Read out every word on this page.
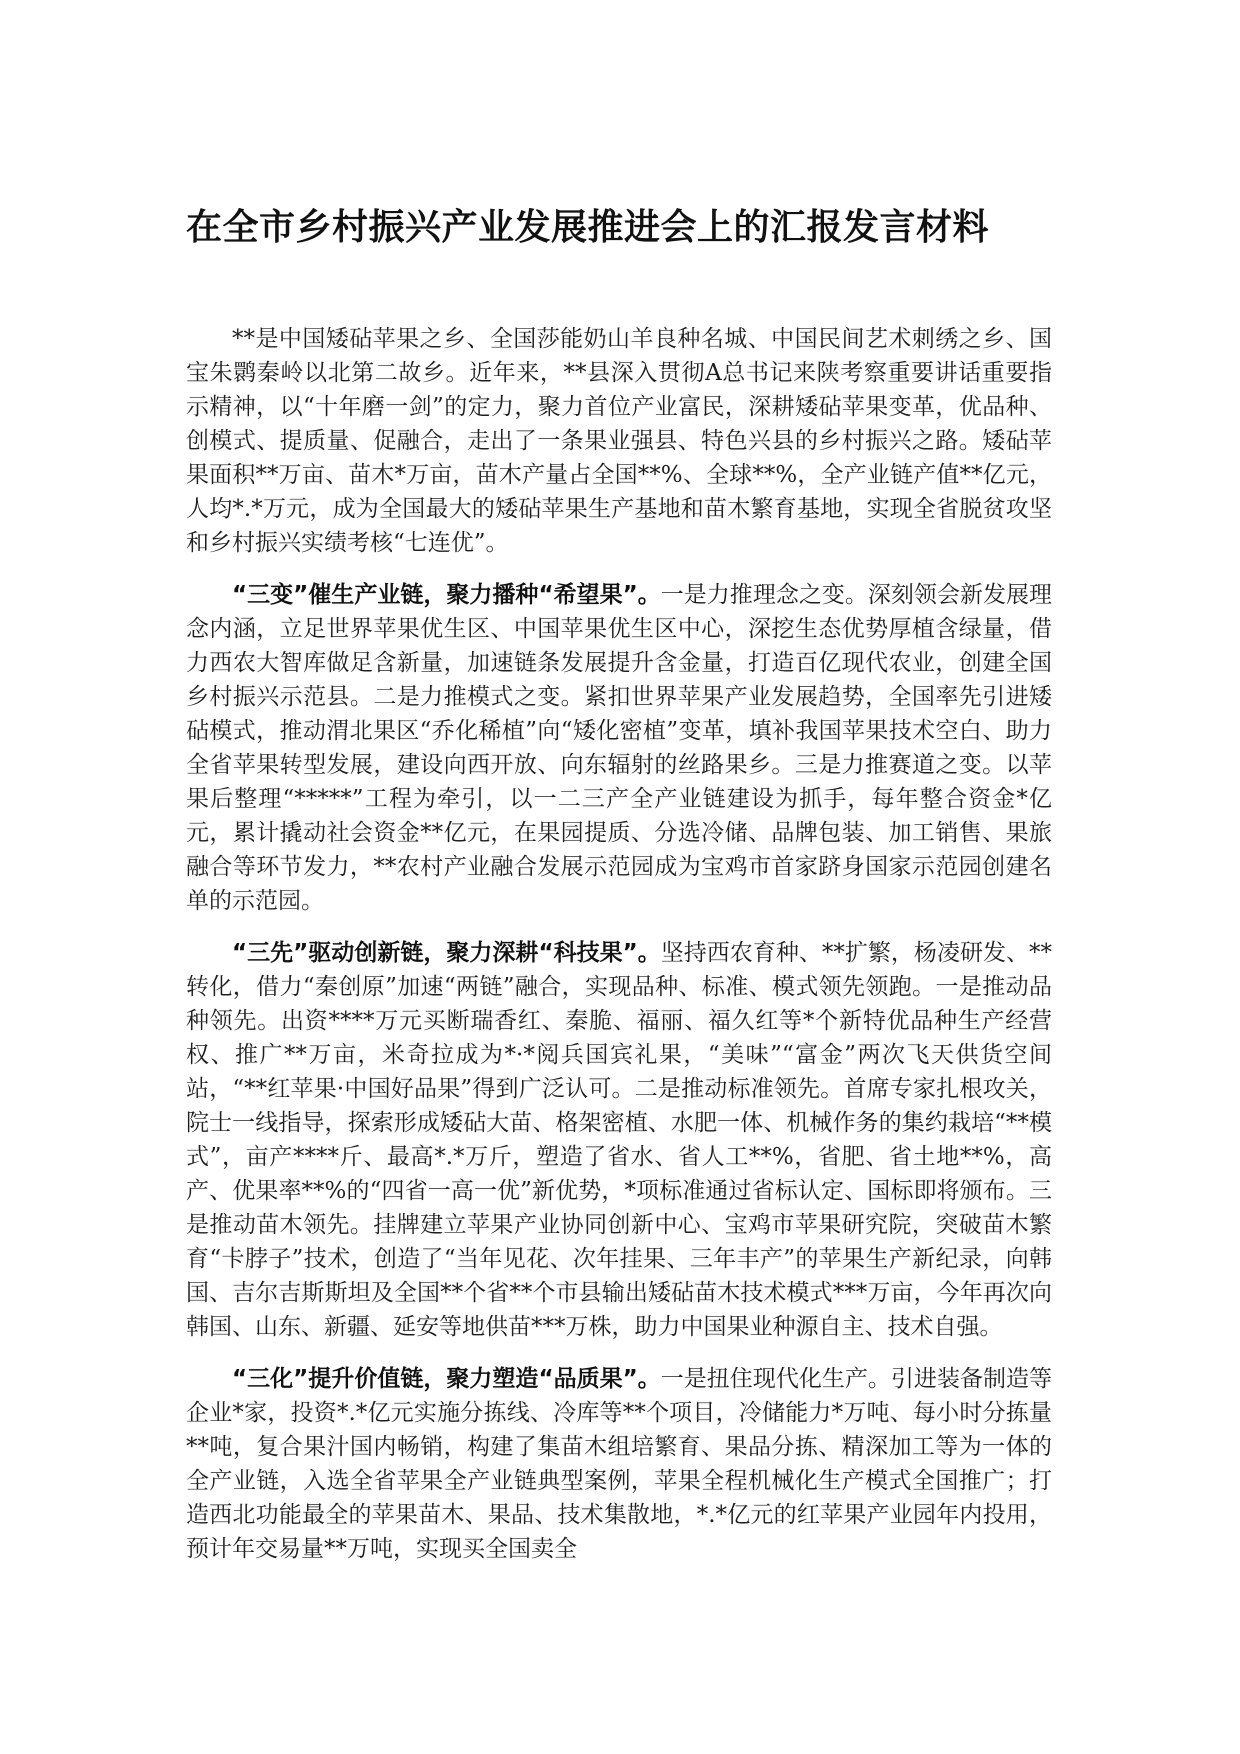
在全市乡村振兴产业发展推进会上的汇报发言材料

**是中国矮砧苹果之乡、全国莎能奶山羊良种名城、中国民间艺术刺绣之乡、国宝朱鹮秦岭以北第二故乡。近年来，**县深入贯彻A总书记来陕考察重要讲话重要指示精神，以“十年磨一剑”的定力，聚力首位产业富民，深耕矮砧苹果变革，优品种、创模式、提质量、促融合，走出了一条果业强县、特色兴县的乡村振兴之路。矮砧苹果面积**万亩、苗木*万亩，苗木产量占全国**%、全球**%，全产业链产值**亿元，人均*.*万元，成为全国最大的矮砧苹果生产基地和苗木繁育基地，实现全省脱贫攻坚和乡村振兴实绩考核“七连优”。

“三变”催生产业链，聚力播种“希望果”。一是力推理念之变。深刻领会新发展理念内涵，立足世界苹果优生区、中国苹果优生区中心，深挖生态优势厚植含绿量，借力西农大智库做足含新量，加速链条发展提升含金量，打造百亿现代农业，创建全国乡村振兴示范县。二是力推模式之变。紧扣世界苹果产业发展趋势，全国率先引进矮砧模式，推动渭北果区“乔化稀植”向“矮化密植”变革，填补我国苹果技术空白、助力全省苹果转型发展，建设向西开放、向东辐射的丝路果乡。三是力推赛道之变。以苹果后整理“*****”工程为牵引，以一二三产全产业链建设为抓手，每年整合资金*亿元，累计撬动社会资金**亿元，在果园提质、分选冷储、品牌包装、加工销售、果旅融合等环节发力，**农村产业融合发展示范园成为宝鸡市首家跻身国家示范园创建名单的示范园。

“三先”驱动创新链，聚力深耕“科技果”。坚持西农育种、**扩繁，杨凌研发、**转化，借力“秦创原”加速“两链”融合，实现品种、标准、模式领先领跑。一是推动品种领先。出资****万元买断瑞香红、秦脆、福丽、福久红等*个新特优品种生产经营权、推广**万亩，米奇拉成为*·*阅兵国宾礼果，“美味”“富金”两次飞天供货空间站，“**红苹果·中国好品果”得到广泛认可。二是推动标准领先。首席专家扎根攻关，院士一线指导，探索形成矮砧大苗、格架密植、水肥一体、机械作务的集约栽培“**模式”，亩产****斤、最高*.*万斤，塑造了省水、省人工**%，省肥、省土地**%，高产、优果率**%的“四省一高一优”新优势，*项标准通过省标认定、国标即将颁布。三是推动苗木领先。挂牌建立苹果产业协同创新中心、宝鸡市苹果研究院，突破苗木繁育“卡脖子”技术，创造了“当年见花、次年挂果、三年丰产”的苹果生产新纪录，向韩国、吉尔吉斯斯坦及全国**个省**个市县输出矮砧苗木技术模式***万亩，今年再次向韩国、山东、新疆、延安等地供苗***万株，助力中国果业种源自主、技术自强。

“三化”提升价值链，聚力塑造“品质果”。一是扭住现代化生产。引进装备制造等企业*家，投资*.*亿元实施分拣线、冷库等**个项目，冷储能力*万吨、每小时分拣量**吨，复合果汁国内畅销，构建了集苗木组培繁育、果品分拣、精深加工等为一体的全产业链，入选全省苹果全产业链典型案例，苹果全程机械化生产模式全国推广；打造西北功能最全的苹果苗木、果品、技术集散地，*.*亿元的红苹果产业园年内投用，预计年交易量**万吨，实现买全国卖全
